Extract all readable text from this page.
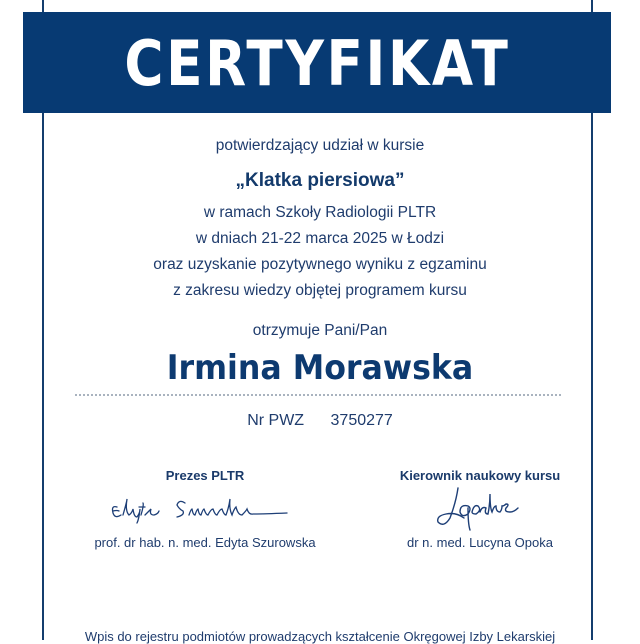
CERTYFIKAT
potwierdzający udział w kursie
„Klatka piersiowa”
w ramach Szkoły Radiologii PLTR
w dniach 21-22 marca 2025 w Łodzi
oraz uzyskanie pozytywnego wyniku z egzaminu
z zakresu wiedzy objętej programem kursu
otrzymuje Pani/Pan
Irmina Morawska
Nr PWZ 3750277
Prezes PLTR
prof. dr hab. n. med. Edyta Szurowska
Kierownik naukowy kursu
dr n. med. Lucyna Opoka
Wpis do rejestru podmiotów prowadzących kształcenie Okręgowej Izby Lekarskiej
